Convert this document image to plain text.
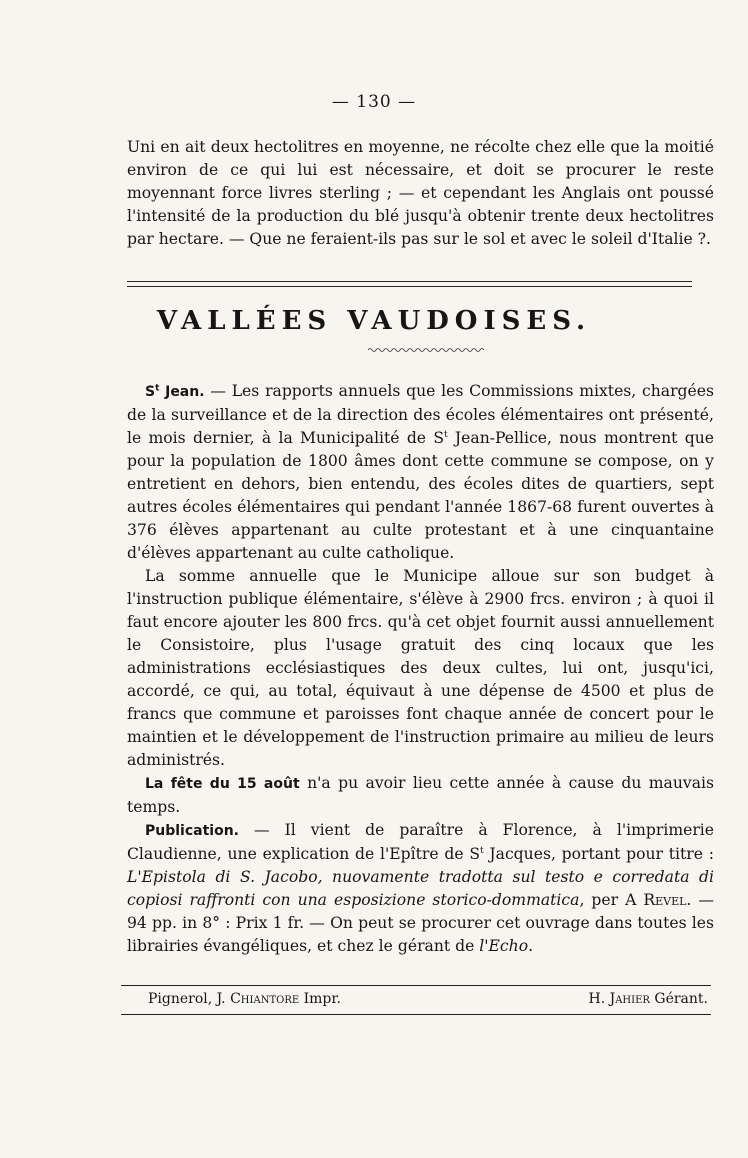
— 130 —

Uni en ait deux hectolitres en moyenne, ne récolte chez elle que la moitié environ de ce qui lui est nécessaire, et doit se procurer le reste moyennant force livres sterling ; — et cependant les Anglais ont poussé l'intensité de la production du blé jusqu'à obtenir trente deux hectolitres par hectare. — Que ne feraient-ils pas sur le sol et avec le soleil d'Italie ?.

VALLÉES VAUDOISES.

$S^t$ Jean. — Les rapports annuels que les Commissions mixtes, chargées de la surveillance et de la direction des écoles élémentaires ont présenté, le mois dernier, à la Municipalité de $S^t$ Jean-Pellice, nous montrent que pour la population de 1800 âmes dont cette commune se compose, on y entretient en dehors, bien entendu, des écoles dites de quartiers, sept autres écoles élémentaires qui pendant l'année 1867-68 furent ouvertes à 376 élèves appartenant au culte protestant et à une cinquantaine d'élèves appartenant au culte catholique.

La somme annuelle que le Municipe alloue sur son budget à l'instruction publique élémentaire, s'élève à 2900 frcs. environ ; à quoi il faut encore ajouter les 800 frcs. qu'à cet objet fournit aussi annuellement le Consistoire, plus l'usage gratuit des cinq locaux que les administrations ecclésiastiques des deux cultes, lui ont, jusqu'ici, accordé, ce qui, au total, équivaut à une dépense de 4500 et plus de francs que commune et paroisses font chaque année de concert pour le maintien et le développement de l'instruction primaire au milieu de leurs administrés.

La fête du 15 août n'a pu avoir lieu cette année à cause du mauvais temps.

Publication. — Il vient de paraître à Florence, à l'imprimerie Claudienne, une explication de l'Epître de $S^t$ Jacques, portant pour titre : L'Epistola di S. Jacobo, nuovamente tradotta sul testo e corredata di copiosi raffronti con una esposizione storico-dommatica, per A Revel. — 94 pp. in 8° : Prix 1 fr. — On peut se procurer cet ouvrage dans toutes les librairies évangéliques, et chez le gérant de l'Echo.

Pignerol, J. Chiantore Impr.	H. Jahier Gérant.
